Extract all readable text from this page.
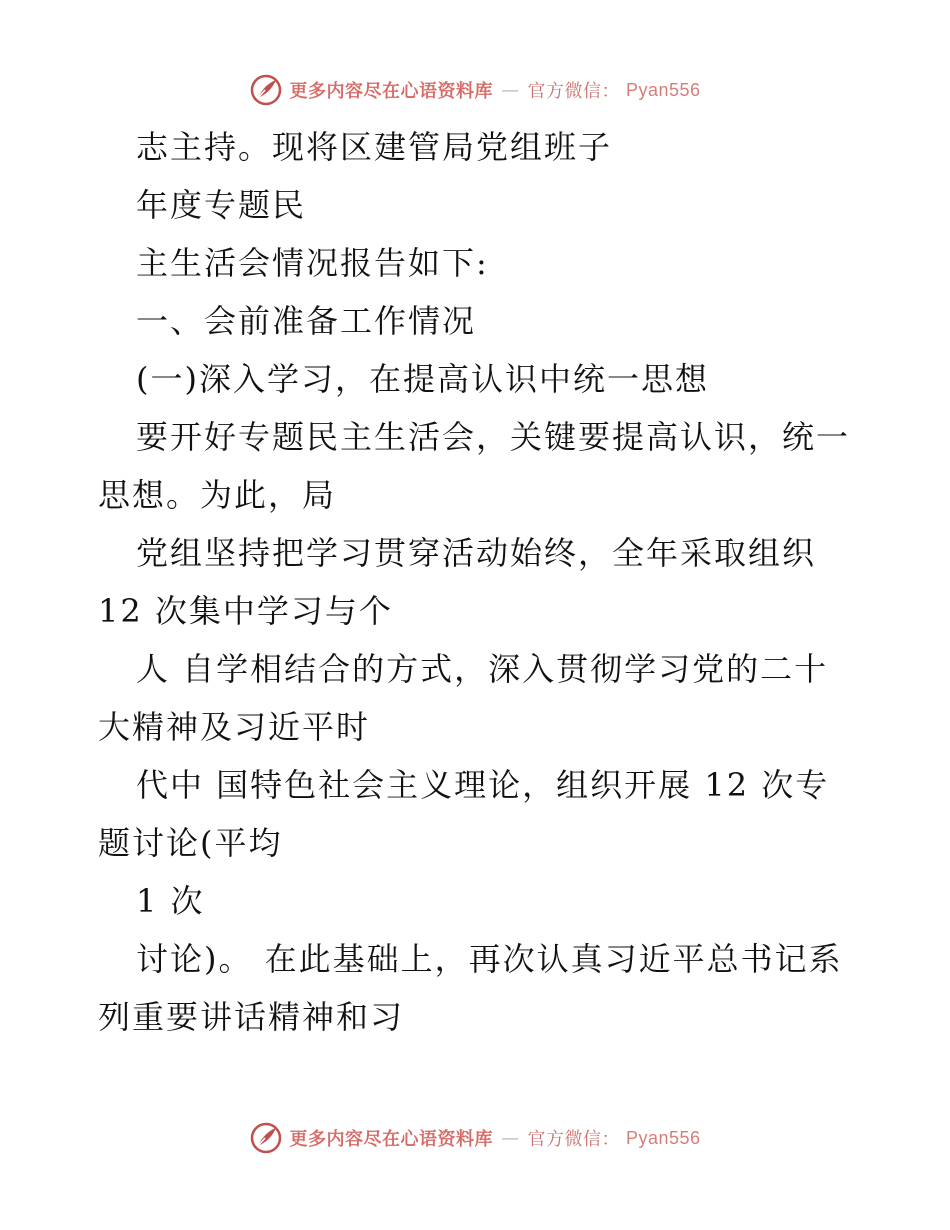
更多内容尽在心语资料库 — 官方微信： Pyan556
志主持。现将区建管局党组班子
年度专题民
主生活会情况报告如下:
一、会前准备工作情况
(一)深入学习，在提高认识中统一思想
要开好专题民主生活会，关键要提高认识，统一
思想。为此，局
党组坚持把学习贯穿活动始终，全年采取组织
12 次集中学习与个
人 自学相结合的方式，深入贯彻学习党的二十
大精神及习近平时
代中 国特色社会主义理论，组织开展 12 次专
题讨论(平均
1 次
讨论)。 在此基础上，再次认真习近平总书记系
列重要讲话精神和习
更多内容尽在心语资料库 — 官方微信： Pyan556
